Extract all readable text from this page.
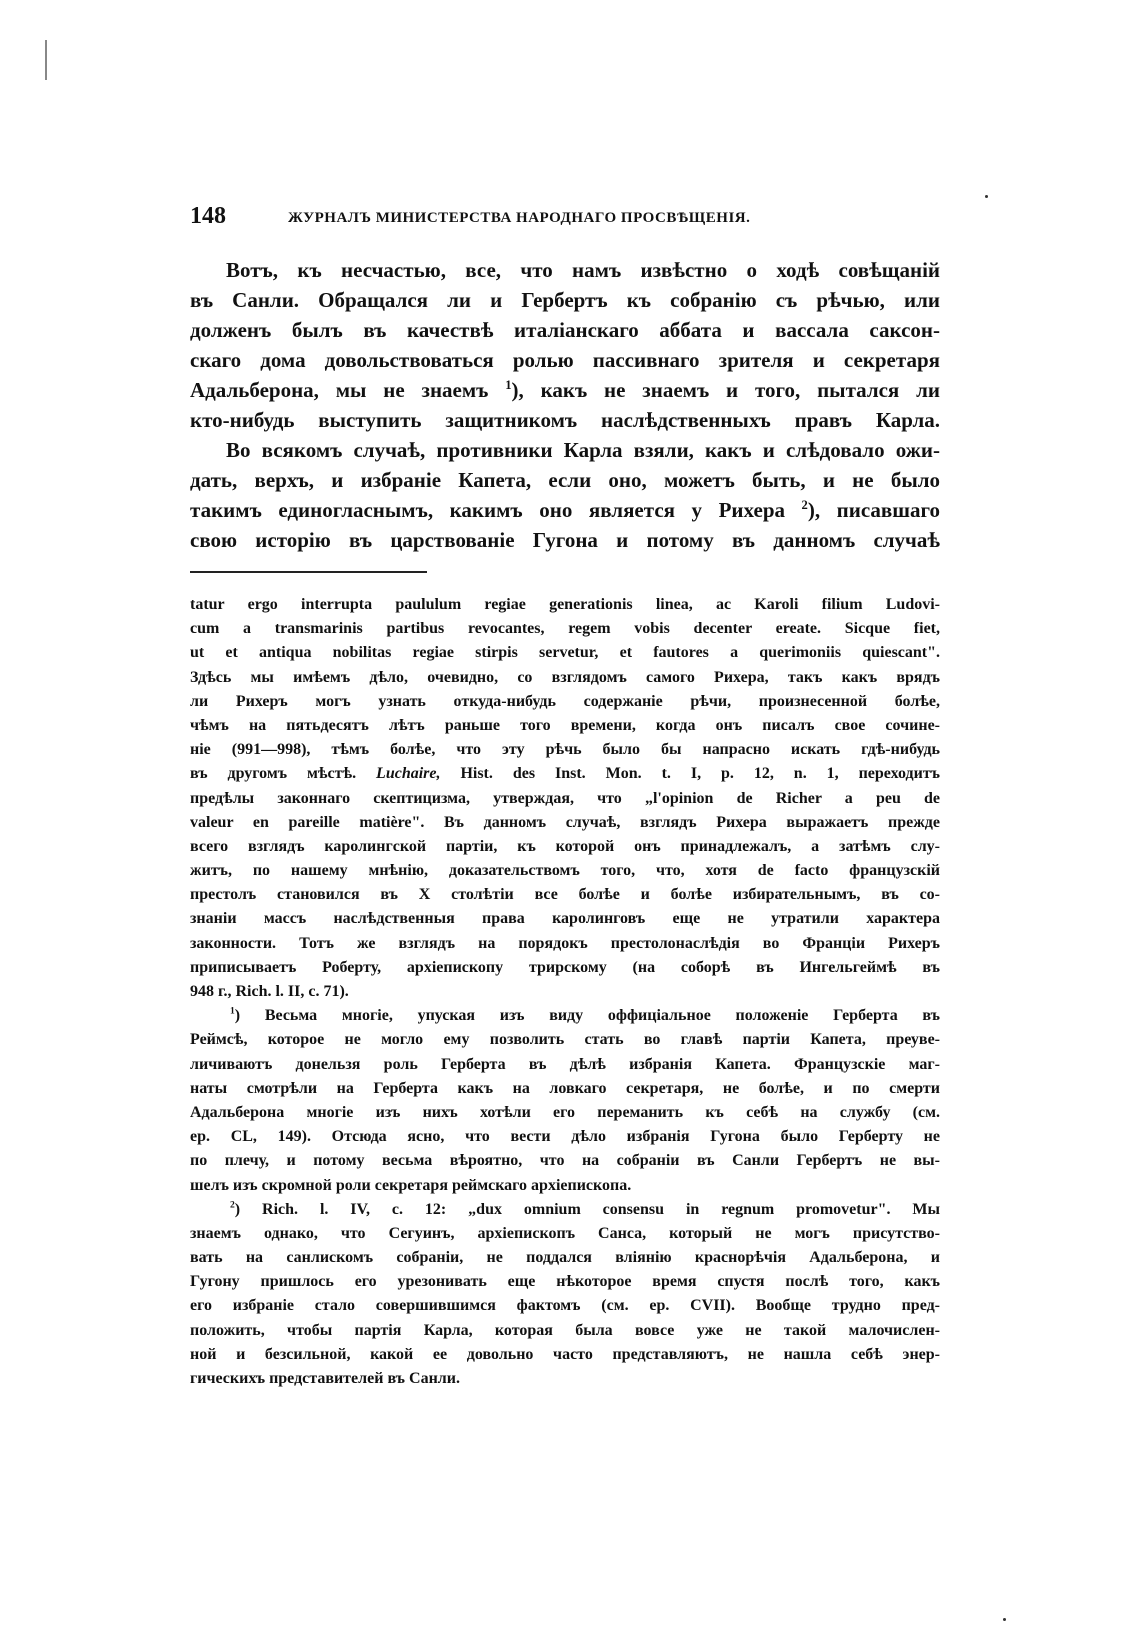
148	ЖУРНАЛЪ МИНИСТЕРСТВА НАРОДНАГО ПРОСВѢЩЕНІЯ.
Вотъ, къ несчастью, все, что намъ извѣстно о ходѣ совѣщаній
въ Санли. Обращался ли и Гербертъ къ собранію съ рѣчью, или
долженъ былъ въ качествѣ италіанскаго аббата и вассала саксон-
скаго дома довольствоваться ролью пассивнаго зрителя и секретаря
Адальберона, мы не знаемъ $^1$), какъ не знаемъ и того, пытался ли
кто-нибудь выступить защитникомъ наслѣдственныхъ правъ Карла.
Во всякомъ случаѣ, противники Карла взяли, какъ и слѣдовало ожи-
дать, верхъ, и избраніе Капета, если оно, можетъ быть, и не было
такимъ единогласнымъ, какимъ оно является у Рихера $^2$), писавшаго
свою исторію въ царствованіе Гугона и потому въ данномъ случаѣ
tatur ergo interrupta paululum regiae generationis linea, ac Karoli filium Ludovi-
cum a transmarinis partibus revocantes, regem vobis decenter ereate. Sicque fiet,
ut et antiqua nobilitas regiae stirpis servetur, et fautores a querimoniis quiescant".
Здѣсь мы имѣемъ дѣло, очевидно, со взглядомъ самого Рихера, такъ какъ врядъ
ли Рихеръ могъ узнать откуда-нибудь содержаніе рѣчи, произнесенной болѣе,
чѣмъ на пятьдесятъ лѣтъ раньше того времени, когда онъ писалъ свое сочине-
ніе (991—998), тѣмъ болѣе, что эту рѣчь было бы напрасно искать гдѣ-нибудь
въ другомъ мѣстѣ. Luchaire, Hist. des Inst. Mon. t. I, p. 12, n. 1, переходитъ
предѣлы законнаго скептицизма, утверждая, что „l'opinion de Richer a peu de
valeur en pareille matière". Въ данномъ случаѣ, взглядъ Рихера выражаетъ прежде
всего взглядъ каролингской партіи, къ которой онъ принадлежалъ, а затѣмъ слу-
житъ, по нашему мнѣнію, доказательствомъ того, что, хотя de facto французскій
престолъ становился въ X столѣтіи все болѣе и болѣе избирательнымъ, въ со-
знаніи массъ наслѣдственныя права каролинговъ еще не утратили характера
законности. Тотъ же взглядъ на порядокъ престолонаслѣдія во Франціи Рихеръ
приписываетъ Роберту, архіепископу трирскому (на соборѣ въ Ингельгеймѣ въ
948 г., Rich. l. II, с. 71).
$^1$) Весьма многіе, упуская изъ виду оффиціальное положеніе Герберта въ
Реймсѣ, которое не могло ему позволить стать во главѣ партіи Капета, преуве-
личиваютъ донельзя роль Герберта въ дѣлѣ избранія Капета. Французскіе маг-
наты смотрѣли на Герберта какъ на ловкаго секретаря, не болѣе, и по смерти
Адальберона многіе изъ нихъ хотѣли его переманить къ себѣ на службу (см.
ер. CL, 149). Отсюда ясно, что вести дѣло избранія Гугона было Герберту не
по плечу, и потому весьма вѣроятно, что на собраніи въ Санли Гербертъ не вы-
шелъ изъ скромной роли секретаря реймскаго архіепископа.
$^2$) Rich. l. IV, с. 12: „dux omnium consensu in regnum promovetur". Мы
знаемъ однако, что Сегуинъ, архіепископъ Санса, который не могъ присутство-
вать на санлискомъ собраніи, не поддался вліянію краснорѣчія Адальберона, и
Гугону пришлось его урезонивать еще нѣкоторое время спустя послѣ того, какъ
его избраніе стало совершившимся фактомъ (см. ер. CVII). Вообще трудно пред-
положить, чтобы партія Карла, которая была вовсе уже не такой малочислен-
ной и безсильной, какой ее довольно часто представляютъ, не нашла себѣ энер-
гическихъ представителей въ Санли.
